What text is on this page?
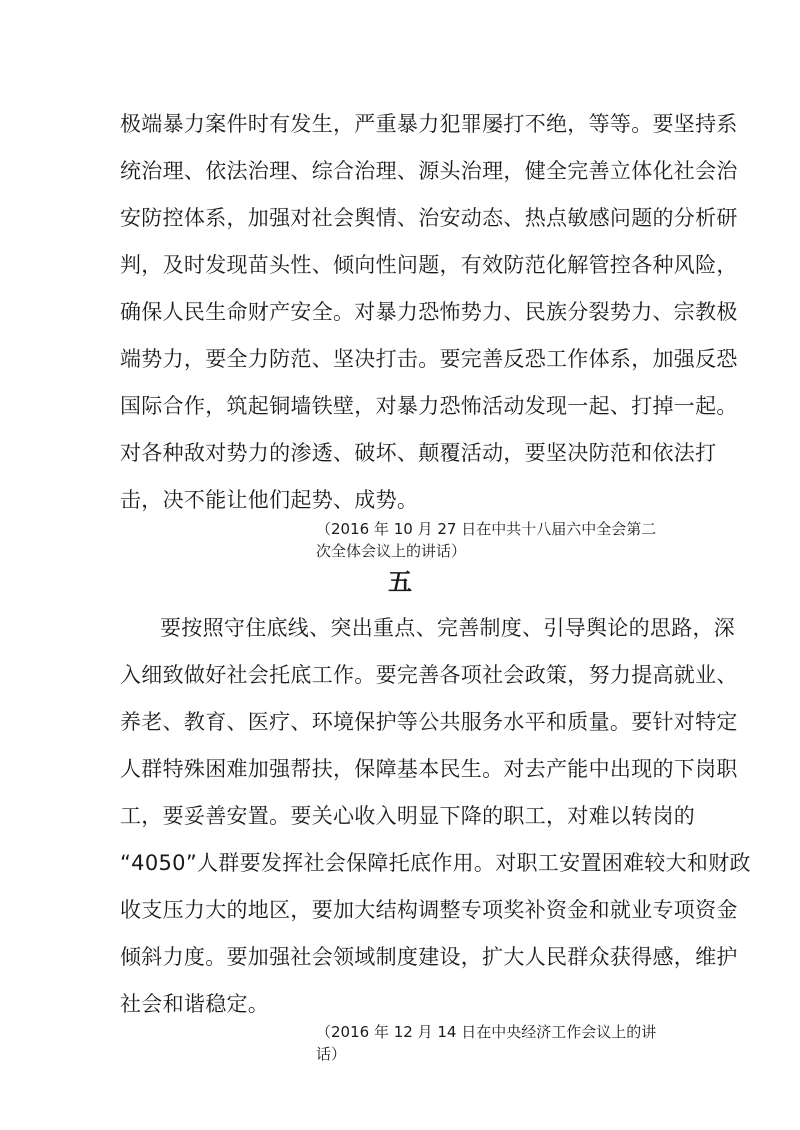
极端暴力案件时有发生，严重暴力犯罪屡打不绝，等等。要坚持系
统治理、依法治理、综合治理、源头治理，健全完善立体化社会治
安防控体系，加强对社会舆情、治安动态、热点敏感问题的分析研
判，及时发现苗头性、倾向性问题，有效防范化解管控各种风险，
确保人民生命财产安全。对暴力恐怖势力、民族分裂势力、宗教极
端势力，要全力防范、坚决打击。要完善反恐工作体系，加强反恐
国际合作，筑起铜墙铁壁，对暴力恐怖活动发现一起、打掉一起。
对各种敌对势力的渗透、破坏、颠覆活动，要坚决防范和依法打
击，决不能让他们起势、成势。
（2016 年 10 月 27 日在中共十八届六中全会第二
次全体会议上的讲话）
五
要按照守住底线、突出重点、完善制度、引导舆论的思路，深
入细致做好社会托底工作。要完善各项社会政策，努力提高就业、
养老、教育、医疗、环境保护等公共服务水平和质量。要针对特定
人群特殊困难加强帮扶，保障基本民生。对去产能中出现的下岗职
工，要妥善安置。要关心收入明显下降的职工，对难以转岗的
“4050”人群要发挥社会保障托底作用。对职工安置困难较大和财政
收支压力大的地区，要加大结构调整专项奖补资金和就业专项资金
倾斜力度。要加强社会领域制度建设，扩大人民群众获得感，维护
社会和谐稳定。
（2016 年 12 月 14 日在中央经济工作会议上的讲
话）
